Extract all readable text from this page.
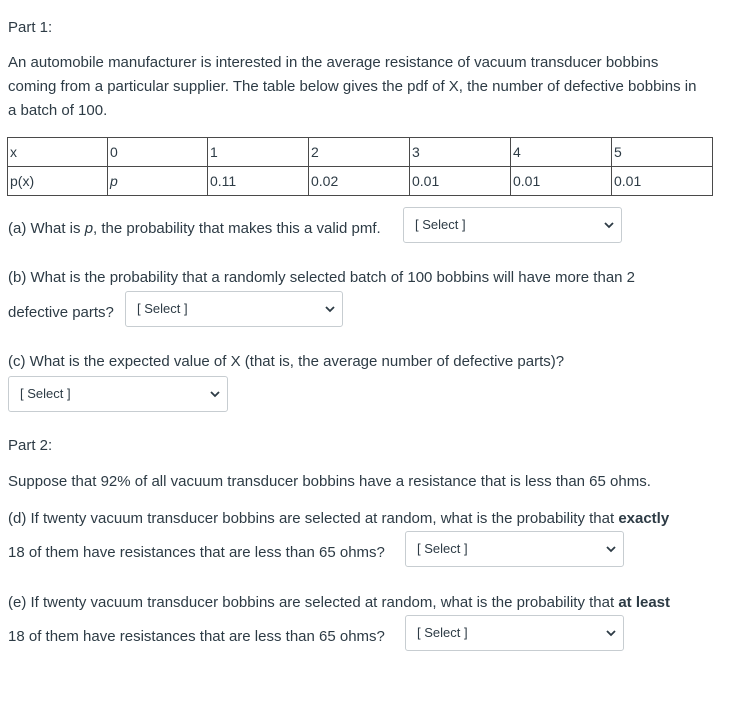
Part 1:
An automobile manufacturer is interested in the average resistance of vacuum transducer bobbins coming from a particular supplier. The table below gives the pdf of X, the number of defective bobbins in a batch of 100.
x	0	1	2	3	4	5
p(x)	p	0.11	0.02	0.01	0.01	0.01
(a) What is p, the probability that makes this a valid pmf.	[ Select ]
(b) What is the probability that a randomly selected batch of 100 bobbins will have more than 2
defective parts? [ Select ]
(c) What is the expected value of X (that is, the average number of defective parts)?
[ Select ]
Part 2:
Suppose that 92% of all vacuum transducer bobbins have a resistance that is less than 65 ohms.
(d) If twenty vacuum transducer bobbins are selected at random, what is the probability that exactly
18 of them have resistances that are less than 65 ohms? [ Select ]
(e) If twenty vacuum transducer bobbins are selected at random, what is the probability that at least
18 of them have resistances that are less than 65 ohms? [ Select ]
